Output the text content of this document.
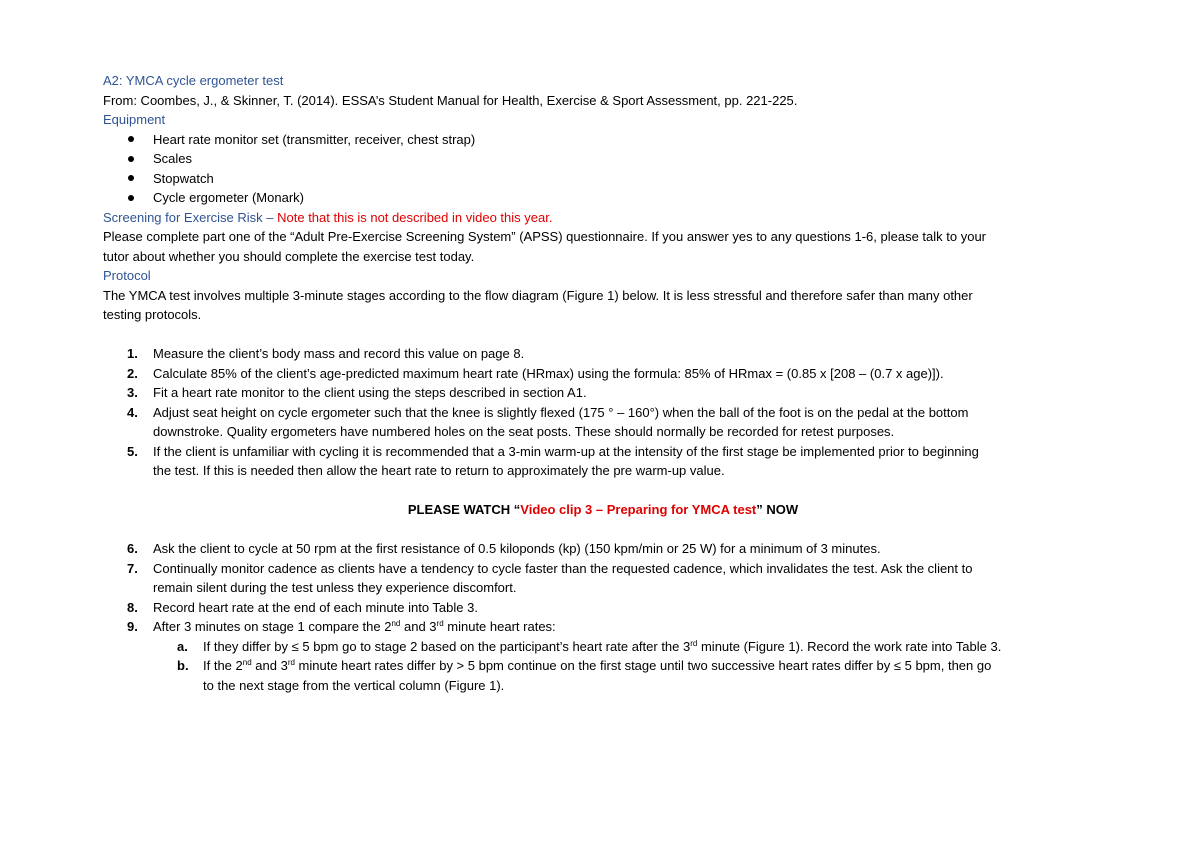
A2: YMCA cycle ergometer test

From: Coombes, J., & Skinner, T. (2014). ESSA’s Student Manual for Health, Exercise & Sport Assessment, pp. 221-225.

Equipment

Heart rate monitor set (transmitter, receiver, chest strap)
Scales
Stopwatch
Cycle ergometer (Monark)

Screening for Exercise Risk – Note that this is not described in video this year.

Please complete part one of the “Adult Pre-Exercise Screening System” (APSS) questionnaire. If you answer yes to any questions 1-6, please talk to your

tutor about whether you should complete the exercise test today.

Protocol

The YMCA test involves multiple 3-minute stages according to the flow diagram (Figure 1) below. It is less stressful and therefore safer than many other

testing protocols.

1.	Measure the client’s body mass and record this value on page 8.
2.	Calculate 85% of the client’s age-predicted maximum heart rate (HRmax) using the formula: 85% of HRmax = (0.85 x [208 – (0.7 x age)]).
3.	Fit a heart rate monitor to the client using the steps described in section A1.
4.	Adjust seat height on cycle ergometer such that the knee is slightly flexed (175 ° – 160°) when the ball of the foot is on the pedal at the bottom
downstroke. Quality ergometers have numbered holes on the seat posts. These should normally be recorded for retest purposes.
5.	If the client is unfamiliar with cycling it is recommended that a 3-min warm-up at the intensity of the first stage be implemented prior to beginning
the test. If this is needed then allow the heart rate to return to approximately the pre warm-up value.

PLEASE WATCH “Video clip 3 – Preparing for YMCA test” NOW

6.	Ask the client to cycle at 50 rpm at the first resistance of 0.5 kiloponds (kp) (150 kpm/min or 25 W) for a minimum of 3 minutes.
7.	Continually monitor cadence as clients have a tendency to cycle faster than the requested cadence, which invalidates the test. Ask the client to
remain silent during the test unless they experience discomfort.
8.	Record heart rate at the end of each minute into Table 3.
9.	After 3 minutes on stage 1 compare the 2nd and 3rd minute heart rates:
a.	If they differ by ≤ 5 bpm go to stage 2 based on the participant’s heart rate after the 3rd minute (Figure 1). Record the work rate into Table 3.
b.	If the 2nd and 3rd minute heart rates differ by > 5 bpm continue on the first stage until two successive heart rates differ by ≤ 5 bpm, then go
to the next stage from the vertical column (Figure 1).
